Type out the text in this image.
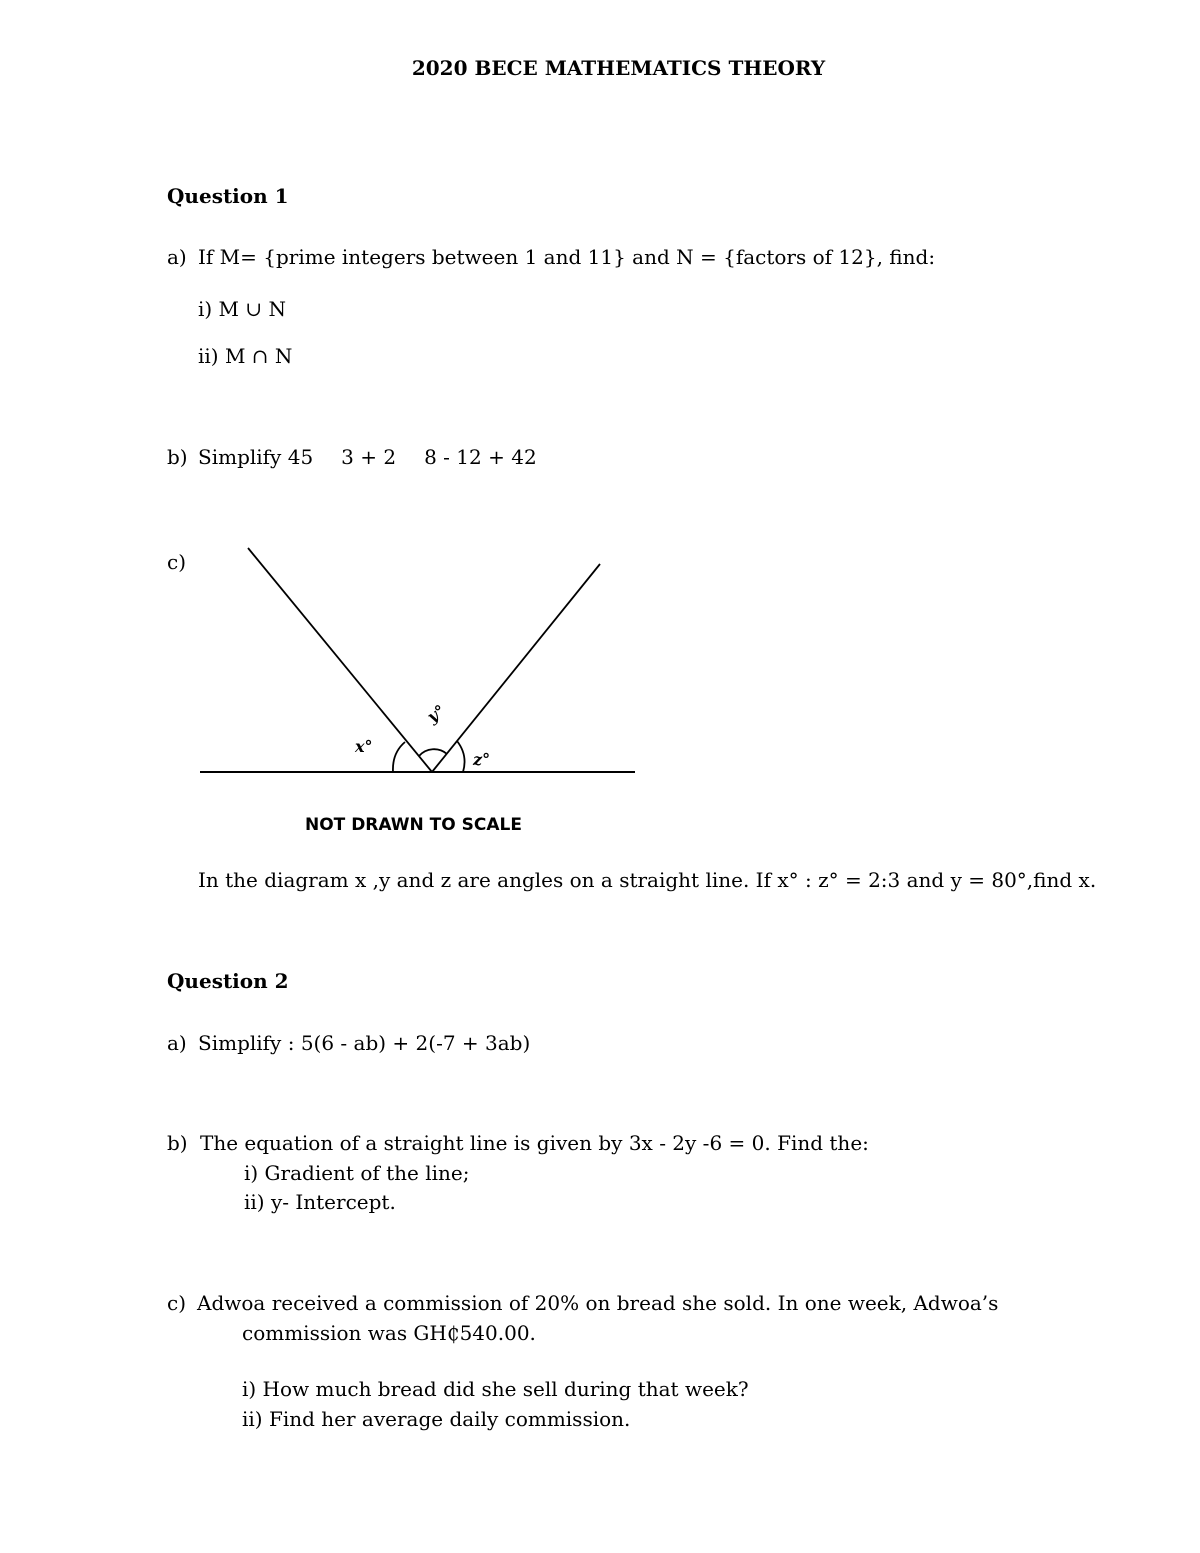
2020 BECE MATHEMATICS THEORY
Question 1
a) If M= {prime integers between 1 and 11} and N = {factors of 12}, find:
i) M ∪ N
ii) M ∩ N
b) Simplify 45 3 + 2 8 - 12 + 42
c)
x°
y°
z°
NOT DRAWN TO SCALE
In the diagram x ,y and z are angles on a straight line. If x° : z° = 2:3 and y = 80°,find x.
Question 2
a) Simplify : 5(6 - ab) + 2(-7 + 3ab)
b) The equation of a straight line is given by 3x - 2y -6 = 0. Find the:
i) Gradient of the line;
ii) y- Intercept.
c) Adwoa received a commission of 20% on bread she sold. In one week, Adwoa’s
commission was GH₵540.00.
i) How much bread did she sell during that week?
ii) Find her average daily commission.
